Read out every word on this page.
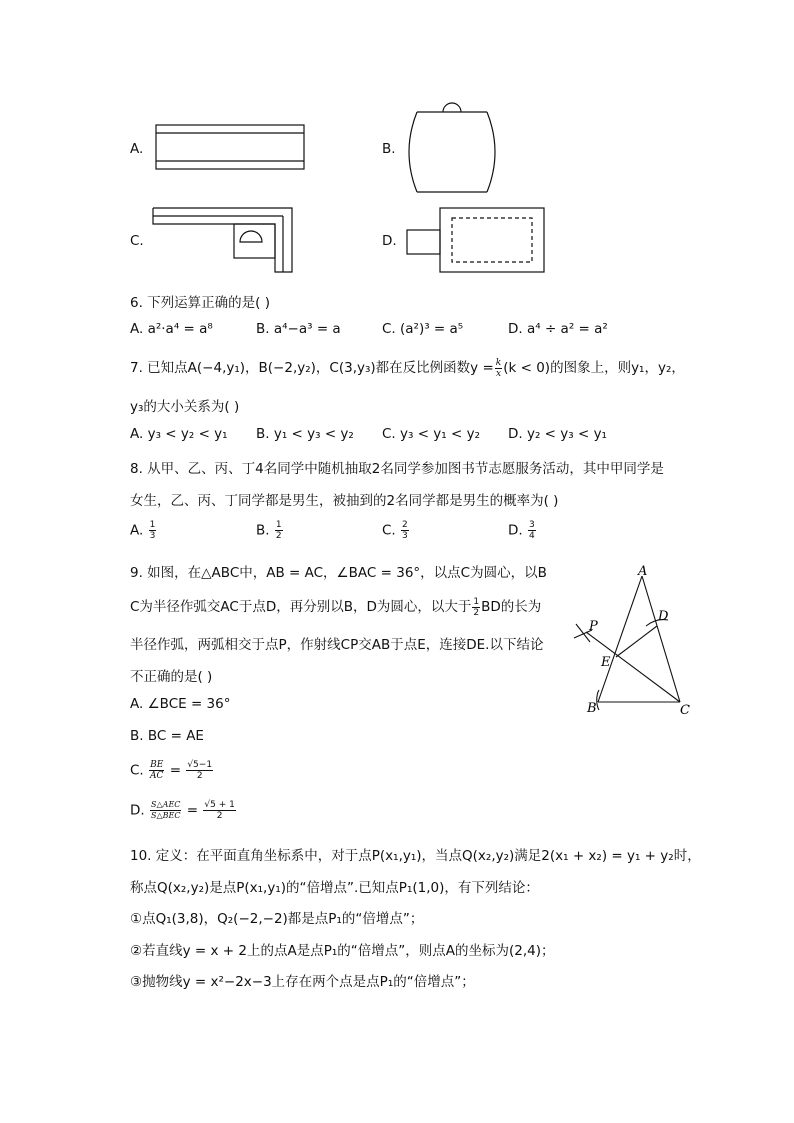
A.	B.
C.	D.
6. 下列运算正确的是( )
A. a²·a⁴ = a⁸	B. a⁴−a³ = a	C. (a²)³ = a⁵	D. a⁴ ÷ a² = a²
7. 已知点A(−4,y₁)，B(−2,y₂)，C(3,y₃)都在反比例函数$y = \frac{k}{x} (k < 0)$的图象上，则y₁，y₂，
y₃的大小关系为( )
A. y₃ < y₂ < y₁ B. y₁ < y₃ < y₂ C. y₃ < y₁ < y₂ D. y₂ < y₃ < y₁
8. 从甲、乙、丙、丁4名同学中随机抽取2名同学参加图书节志愿服务活动，其中甲同学是
女生，乙、丙、丁同学都是男生，被抽到的2名同学都是男生的概率为( )
A. $\frac{1}{3}$	B. $\frac{1}{2}$	C. $\frac{2}{3}$	D. $\frac{3}{4}$
9. 如图，在△ABC中，AB = AC，∠BAC = 36°，以点C为圆心，以B
C为半径作弧交AC于点D，再分别以B，D为圆心，以大于 $\frac{1}{2}$ BD的长为
半径作弧，两弧相交于点P，作射线CP交AB于点E，连接DE.以下结论
不正确的是( )
A. ∠BCE = 36°
B. BC = AE
C. $\frac{BE}{AC} = \frac{√5-1}{2}$
D. $\frac{\text{S△AEC}}{\text{S△BEC}} = \frac{√5 + 1}{2}$
A
B	C
D
E
P
10. 定义：在平面直角坐标系中，对于点P(x₁,y₁)，当点Q(x₂,y₂)满足2(x₁ + x₂) = y₁ + y₂时，
称点Q(x₂,y₂)是点P(x₁,y₁)的“倍增点”.已知点P₁(1,0)，有下列结论：
①点Q₁(3,8)，Q₂(−2,−2)都是点P₁的“倍增点”；
②若直线y = x + 2上的点A是点P₁的“倍增点”，则点A的坐标为(2,4)；
③抛物线y = x²−2x−3上存在两个点是点P₁的“倍增点”；
